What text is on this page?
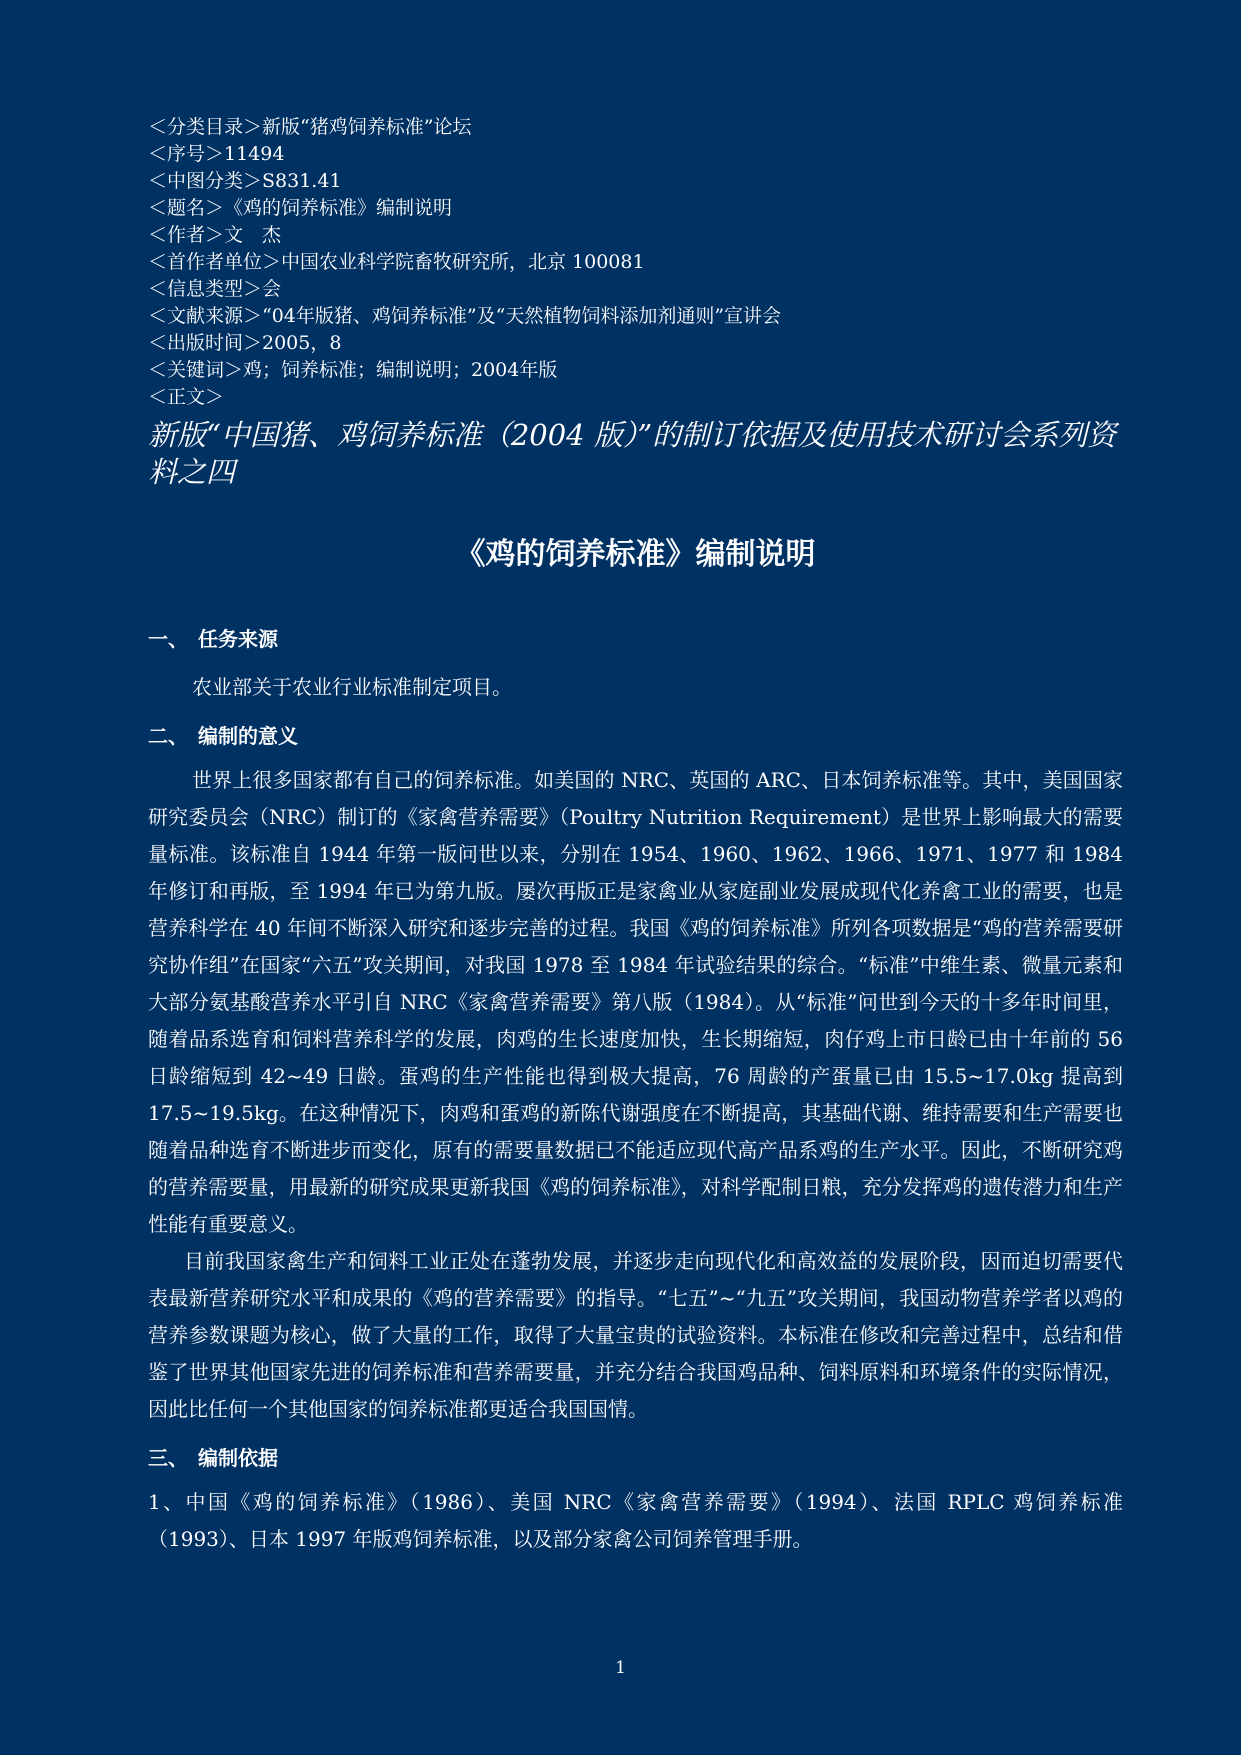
＜分类目录＞新版“猪鸡饲养标准”论坛
＜序号＞11494
＜中图分类＞S831.41
＜题名＞《鸡的饲养标准》编制说明
＜作者＞文　杰
＜首作者单位＞中国农业科学院畜牧研究所，北京 100081
＜信息类型＞会
＜文献来源＞“04年版猪、鸡饲养标准”及“天然植物饲料添加剂通则”宣讲会
＜出版时间＞2005，8
＜关键词＞鸡；饲养标准；编制说明；2004年版
＜正文＞
新版“中国猪、鸡饲养标准（2004 版）”的制订依据及使用技术研讨会系列资料之四
《鸡的饲养标准》编制说明
一、 任务来源
农业部关于农业行业标准制定项目。
二、 编制的意义
世界上很多国家都有自己的饲养标准。如美国的 NRC、英国的 ARC、日本饲养标准等。其中，美国国家研究委员会（NRC）制订的《家禽营养需要》（Poultry Nutrition Requirement）是世界上影响最大的需要量标准。该标准自 1944 年第一版问世以来，分别在 1954、1960、1962、1966、1971、1977 和 1984 年修订和再版，至 1994 年已为第九版。屡次再版正是家禽业从家庭副业发展成现代化养禽工业的需要，也是营养科学在 40 年间不断深入研究和逐步完善的过程。我国《鸡的饲养标准》所列各项数据是“鸡的营养需要研究协作组”在国家“六五”攻关期间，对我国 1978 至 1984 年试验结果的综合。“标准”中维生素、微量元素和大部分氨基酸营养水平引自 NRC《家禽营养需要》第八版（1984）。从“标准”问世到今天的十多年时间里，随着品系选育和饲料营养科学的发展，肉鸡的生长速度加快，生长期缩短，肉仔鸡上市日龄已由十年前的 56 日龄缩短到 42~49 日龄。蛋鸡的生产性能也得到极大提高，76 周龄的产蛋量已由 15.5~17.0kg 提高到 17.5~19.5kg。在这种情况下，肉鸡和蛋鸡的新陈代谢强度在不断提高，其基础代谢、维持需要和生产需要也随着品种选育不断进步而变化，原有的需要量数据已不能适应现代高产品系鸡的生产水平。因此，不断研究鸡的营养需要量，用最新的研究成果更新我国《鸡的饲养标准》，对科学配制日粮，充分发挥鸡的遗传潜力和生产性能有重要意义。
目前我国家禽生产和饲料工业正处在蓬勃发展，并逐步走向现代化和高效益的发展阶段，因而迫切需要代表最新营养研究水平和成果的《鸡的营养需要》的指导。“七五”~“九五”攻关期间，我国动物营养学者以鸡的营养参数课题为核心，做了大量的工作，取得了大量宝贵的试验资料。本标准在修改和完善过程中，总结和借鉴了世界其他国家先进的饲养标准和营养需要量，并充分结合我国鸡品种、饲料原料和环境条件的实际情况，因此比任何一个其他国家的饲养标准都更适合我国国情。
三、 编制依据
1、中国《鸡的饲养标准》（1986）、美国 NRC《家禽营养需要》（1994）、法国 RPLC 鸡饲养标准（1993）、日本 1997 年版鸡饲养标准，以及部分家禽公司饲养管理手册。
1
